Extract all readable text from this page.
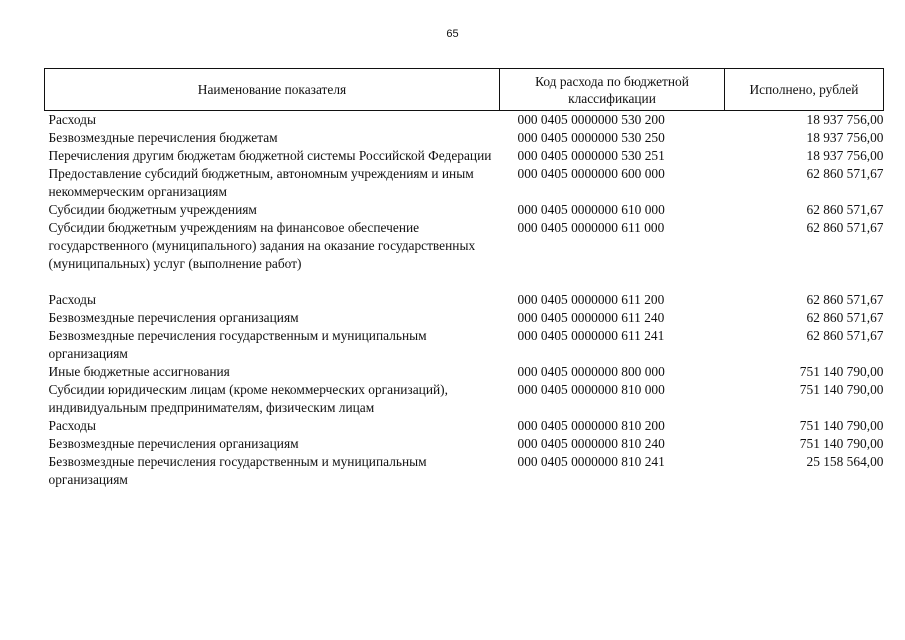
65
Наименование показателя	Код расхода по бюджетной классификации	Исполнено, рублей
Расходы	000 0405 0000000 530 200	18 937 756,00
Безвозмездные перечисления бюджетам	000 0405 0000000 530 250	18 937 756,00
Перечисления другим бюджетам бюджетной системы Российской Федерации	000 0405 0000000 530 251	18 937 756,00
Предоставление субсидий бюджетным, автономным учреждениям и иным некоммерческим организациям	000 0405 0000000 600 000	62 860 571,67
Субсидии бюджетным учреждениям	000 0405 0000000 610 000	62 860 571,67
Субсидии бюджетным учреждениям на финансовое обеспечение государственного (муниципального) задания на оказание государственных (муниципальных) услуг (выполнение работ)	000 0405 0000000 611 000	62 860 571,67

Расходы	000 0405 0000000 611 200	62 860 571,67
Безвозмездные перечисления организациям	000 0405 0000000 611 240	62 860 571,67
Безвозмездные перечисления государственным и муниципальным организациям	000 0405 0000000 611 241	62 860 571,67
Иные бюджетные ассигнования	000 0405 0000000 800 000	751 140 790,00
Субсидии юридическим лицам (кроме некоммерческих организаций), индивидуальным предпринимателям, физическим лицам	000 0405 0000000 810 000	751 140 790,00
Расходы	000 0405 0000000 810 200	751 140 790,00
Безвозмездные перечисления организациям	000 0405 0000000 810 240	751 140 790,00
Безвозмездные перечисления государственным и муниципальным организациям	000 0405 0000000 810 241	25 158 564,00
